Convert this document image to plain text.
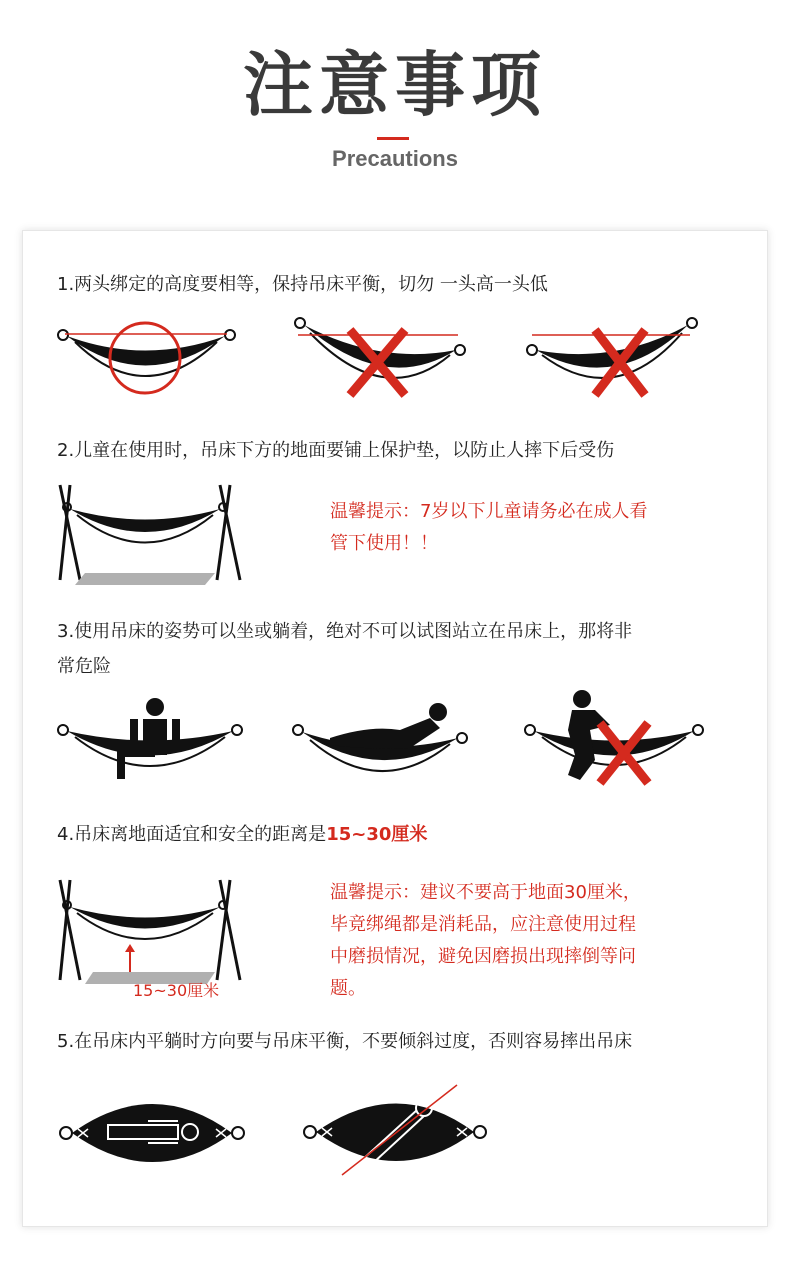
注意事项
Precautions
1.两头绑定的高度要相等，保持吊床平衡，切勿 一头高一头低
2.儿童在使用时，吊床下方的地面要铺上保护垫，以防止人摔下后受伤
温馨提示：7岁以下儿童请务必在成人看
管下使用！！
3.使用吊床的姿势可以坐或躺着，绝对不可以试图站立在吊床上，那将非
常危险
4.吊床离地面适宜和安全的距离是15~30厘米
15~30厘米
温馨提示：建议不要高于地面30厘米，
毕竟绑绳都是消耗品，应注意使用过程
中磨损情况，避免因磨损出现摔倒等问
题。
5.在吊床内平躺时方向要与吊床平衡，不要倾斜过度，否则容易摔出吊床
